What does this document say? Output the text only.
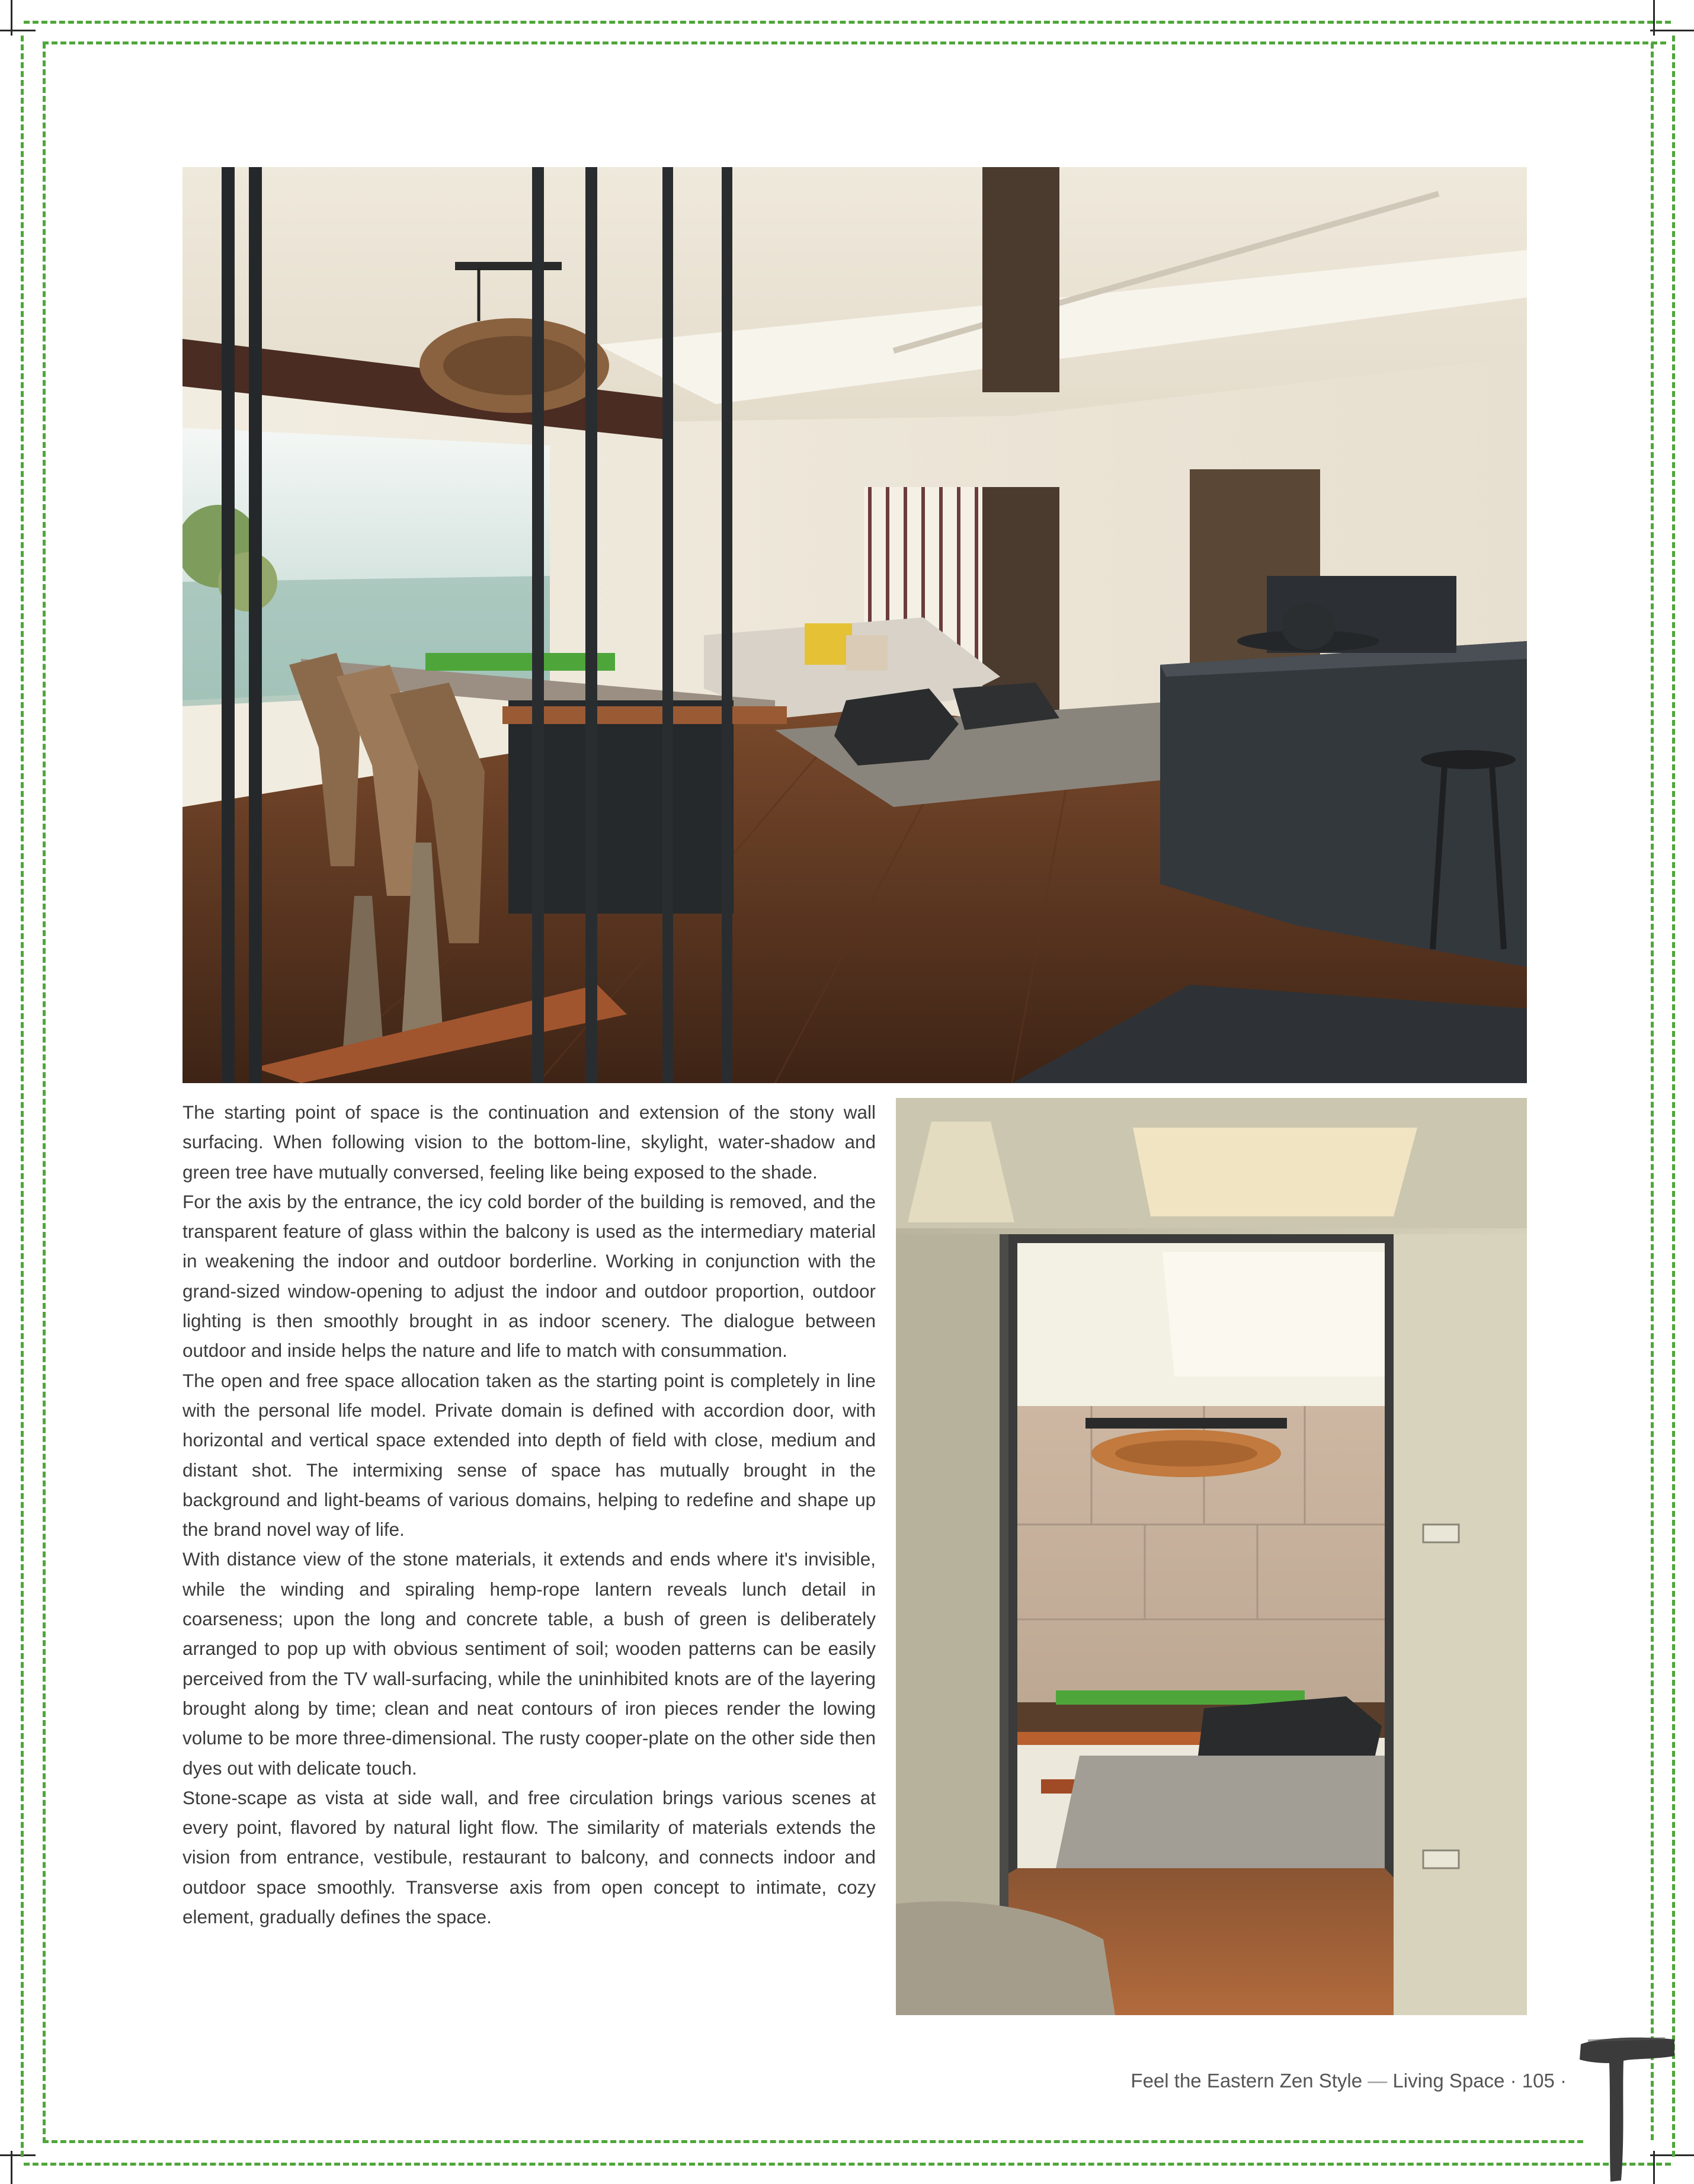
The starting point of space is the continuation and extension of the stony wall surfacing. When following vision to the bottom-line, skylight, water-shadow and green tree have mutually conversed, feeling like being exposed to the shade.

For the axis by the entrance, the icy cold border of the building is removed, and the transparent feature of glass within the balcony is used as the intermediary material in weakening the indoor and outdoor borderline. Working in conjunction with the grand-sized window-opening to adjust the indoor and outdoor proportion, outdoor lighting is then smoothly brought in as indoor scenery. The dialogue between outdoor and inside helps the nature and life to match with consummation.

The open and free space allocation taken as the starting point is completely in line with the personal life model. Private domain is defined with accordion door, with horizontal and vertical space extended into depth of field with close, medium and distant shot. The intermixing sense of space has mutually brought in the background and light-beams of various domains, helping to redefine and shape up the brand novel way of life.

With distance view of the stone materials, it extends and ends where it's invisible, while the winding and spiraling hemp-rope lantern reveals lunch detail in coarseness; upon the long and concrete table, a bush of green is deliberately arranged to pop up with obvious sentiment of soil; wooden patterns can be easily perceived from the TV wall-surfacing, while the uninhibited knots are of the layering brought along by time; clean and neat contours of iron pieces render the lowing volume to be more three-dimensional. The rusty cooper-plate on the other side then dyes out with delicate touch.

Stone-scape as vista at side wall, and free circulation brings various scenes at every point, flavored by natural light flow. The similarity of materials extends the vision from entrance, vestibule, restaurant to balcony, and connects indoor and outdoor space smoothly. Transverse axis from open concept to intimate, cozy element, gradually defines the space.

Feel the Eastern Zen Style — Living Space · 105 ·
